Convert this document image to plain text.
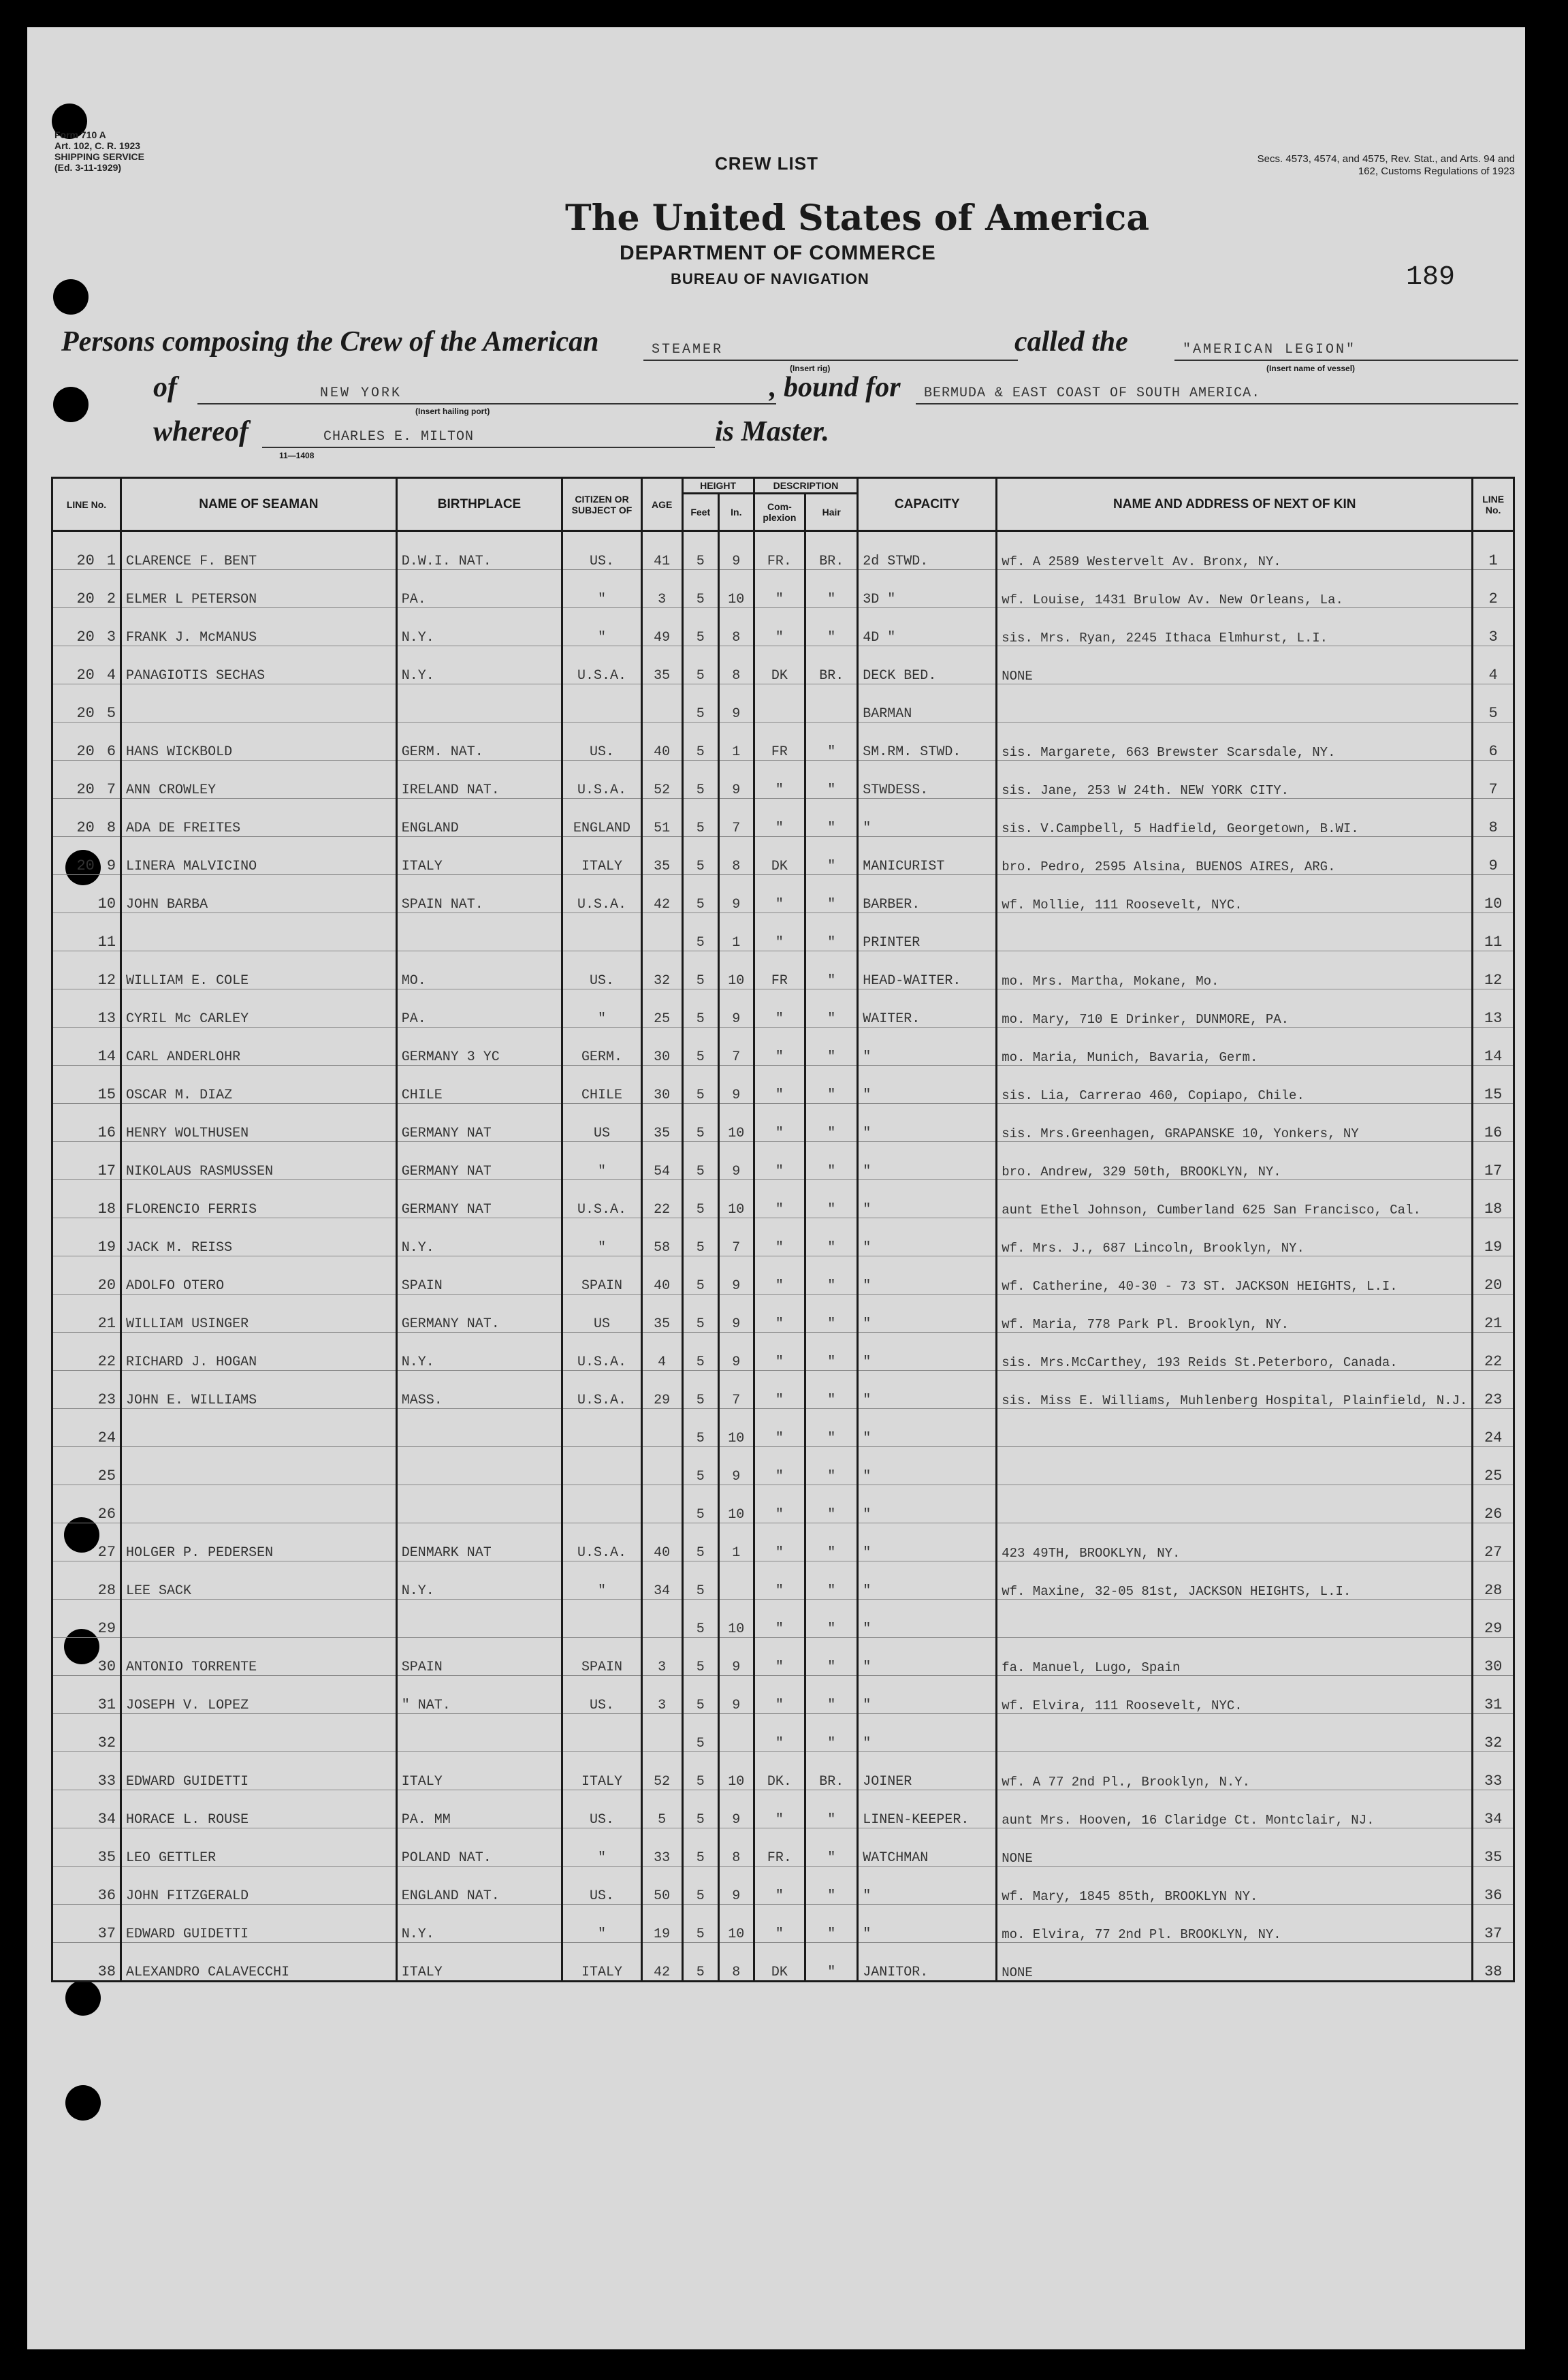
Form 710 A
Art. 102, C. R. 1923
SHIPPING SERVICE
(Ed. 3-11-1929)
Secs. 4573, 4574, and 4575, Rev. Stat., and Arts. 94 and 162, Customs Regulations of 1923
CREW LIST
The United States of America
DEPARTMENT OF COMMERCE
BUREAU OF NAVIGATION	189
Persons composing the Crew of the American	STEAMER
(Insert rig)
called the	"AMERICAN LEGION"
(Insert name of vessel)
of	NEW YORK
(Insert hailing port)
, bound for	BERMUDA & EAST COAST OF SOUTH AMERICA.
whereof	CHARLES E. MILTON
11—1408
is Master.
LINE No.	NAME OF SEAMAN	BIRTHPLACE	CITIZEN OR SUBJECT OF	AGE	HEIGHT		DESCRIPTION		CAPACITY	NAME AND ADDRESS OF NEXT OF KIN	LINE No.
					Feet	In.	Com-plexion	Hair			
20 1	CLARENCE F. BENT	D.W.I. NAT.	US.	41	5	9	FR.	BR.	2d STWD.	wf. A 2589 Westervelt Av. Bronx, NY.	1
20 2	ELMER L PETERSON	PA.	"	3	5	10	"	"	3D "	wf. Louise, 1431 Brulow Av. New Orleans, La.	2
20 3	FRANK J. McMANUS	N.Y.	"	49	5	8	"	"	4D "	sis. Mrs. Ryan, 2245 Ithaca Elmhurst, L.I.	3
20 4	PANAGIOTIS SECHAS	N.Y.	U.S.A.	35	5	8	DK	BR.	DECK BED.	NONE	4
20 5					5	9			BARMAN		5
20 6	HANS WICKBOLD	GERM. NAT.	US.	40	5	1	FR	"	SM.RM. STWD.	sis. Margarete, 663 Brewster Scarsdale, NY.	6
20 7	ANN CROWLEY	IRELAND NAT.	U.S.A.	52	5	9	"	"	STWDESS.	sis. Jane, 253 W 24th. NEW YORK CITY.	7
20 8	ADA DE FREITES	ENGLAND	ENGLAND	51	5	7	"	"	"	sis. V.Campbell, 5 Hadfield, Georgetown, B.WI.	8
20 9	LINERA MALVICINO	ITALY	ITALY	35	5	8	DK	"	MANICURIST	bro. Pedro, 2595 Alsina, BUENOS AIRES, ARG.	9
10	JOHN BARBA	SPAIN NAT.	U.S.A.	42	5	9	"	"	BARBER.	wf. Mollie, 111 Roosevelt, NYC.	10
11					5	1	"	"	PRINTER		11
12	WILLIAM E. COLE	MO.	US.	32	5	10	FR	"	HEAD-WAITER.	mo. Mrs. Martha, Mokane, Mo.	12
13	CYRIL Mc CARLEY	PA.	"	25	5	9	"	"	WAITER.	mo. Mary, 710 E Drinker, DUNMORE, PA.	13
14	CARL ANDERLOHR	GERMANY 3 YC	GERM.	30	5	7	"	"	"	mo. Maria, Munich, Bavaria, Germ.	14
15	OSCAR M. DIAZ	CHILE	CHILE	30	5	9	"	"	"	sis. Lia, Carrerao 460, Copiapo, Chile.	15
16	HENRY WOLTHUSEN	GERMANY NAT	US	35	5	10	"	"	"	sis. Mrs.Greenhagen, GRAPANSKE 10, Yonkers, NY	16
17	NIKOLAUS RASMUSSEN	GERMANY NAT	"	54	5	9	"	"	"	bro. Andrew, 329 50th, BROOKLYN, NY.	17
18	FLORENCIO FERRIS	GERMANY NAT	U.S.A.	22	5	10	"	"	"	aunt Ethel Johnson, Cumberland 625 San Francisco, Cal.	18
19	JACK M. REISS	N.Y.	"	58	5	7	"	"	"	wf. Mrs. J., 687 Lincoln, Brooklyn, NY.	19
20	ADOLFO OTERO	SPAIN	SPAIN	40	5	9	"	"	"	wf. Catherine, 40-30 - 73 ST. JACKSON HEIGHTS, L.I.	20
21	WILLIAM USINGER	GERMANY NAT.	US	35	5	9	"	"	"	wf. Maria, 778 Park Pl. Brooklyn, NY.	21
22	RICHARD J. HOGAN	N.Y.	U.S.A.	4	5	9	"	"	"	sis. Mrs.McCarthey, 193 Reids St.Peterboro, Canada.	22
23	JOHN E. WILLIAMS	MASS.	U.S.A.	29	5	7	"	"	"	sis. Miss E. Williams, Muhlenberg Hospital, Plainfield, N.J.	23
24					5	10	"	"	"		24
25					5	9	"	"	"		25
26					5	10	"	"	"		26
27	HOLGER P. PEDERSEN	DENMARK NAT	U.S.A.	40	5	1	"	"	"	423 49TH, BROOKLYN, NY.	27
28	LEE SACK	N.Y.	"	34	5		"	"	"	wf. Maxine, 32-05 81st, JACKSON HEIGHTS, L.I.	28
29					5	10	"	"	"		29
30	ANTONIO TORRENTE	SPAIN	SPAIN	3	5	9	"	"	"	fa. Manuel, Lugo, Spain	30
31	JOSEPH V. LOPEZ	" NAT.	US.	3	5	9	"	"	"	wf. Elvira, 111 Roosevelt, NYC.	31
32					5		"	"	"		32
33	EDWARD GUIDETTI	ITALY	ITALY	52	5	10	DK.	BR.	JOINER	wf. A 77 2nd Pl., Brooklyn, N.Y.	33
34	HORACE L. ROUSE	PA. MM	US.	5	5	9	"	"	LINEN-KEEPER.	aunt Mrs. Hooven, 16 Claridge Ct. Montclair, NJ.	34
35	LEO GETTLER	POLAND NAT.	"	33	5	8	FR.	"	WATCHMAN	NONE	35
36	JOHN FITZGERALD	ENGLAND NAT.	US.	50	5	9	"	"	"	wf. Mary, 1845 85th, BROOKLYN NY.	36
37	EDWARD GUIDETTI	N.Y.	"	19	5	10	"	"	"	mo. Elvira, 77 2nd Pl. BROOKLYN, NY.	37
38	ALEXANDRO CALAVECCHI	ITALY	ITALY	42	5	8	DK	"	JANITOR.	NONE	38
